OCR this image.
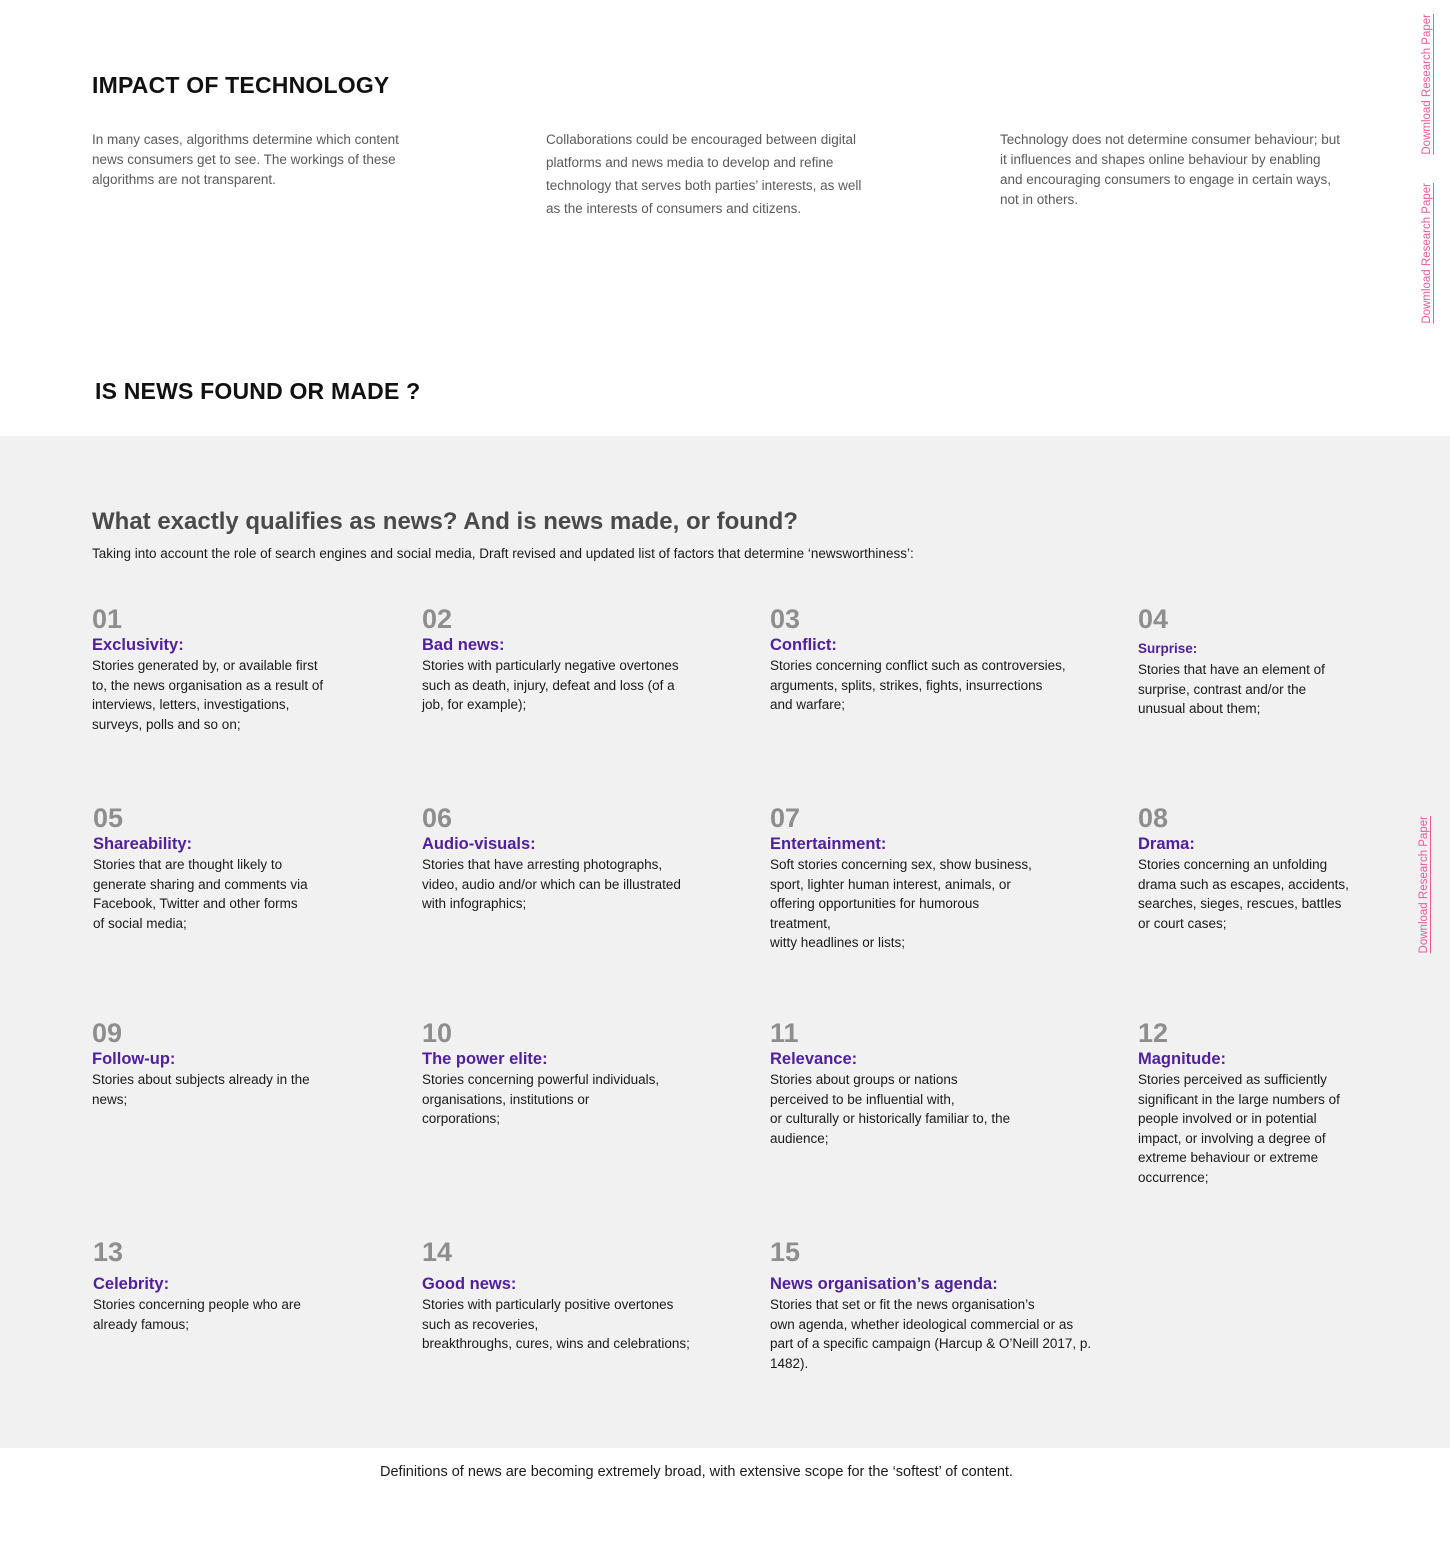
IMPACT OF TECHNOLOGY
In many cases, algorithms determine which content news consumers get to see. The workings of these algorithms are not transparent.
Collaborations could be encouraged between digital platforms and news media to develop and refine technology that serves both parties’ interests, as well as the interests of consumers and citizens.
Technology does not determine consumer behaviour; but it influences and shapes online behaviour by enabling and encouraging consumers to engage in certain ways, not in others.
Dowmload Research Paper
Dowmload Research Paper
IS NEWS FOUND OR MADE ?
Download Research Paper
What exactly qualifies as news? And is news made, or found?
Taking into account the role of search engines and social media, Draft revised and updated list of factors that determine ‘newsworthiness’:
01
Exclusivity:
Stories generated by, or available first
to, the news organisation as a result of
interviews, letters, investigations,
surveys, polls and so on;
02
Bad news:
Stories with particularly negative overtones
such as death, injury, defeat and loss (of a
job, for example);
03
Conflict:
Stories concerning conflict such as controversies,
arguments, splits, strikes, fights, insurrections
and warfare;
04
Surprise:
Stories that have an element of
surprise, contrast and/or the
unusual about them;
05
Shareability:
Stories that are thought likely to
generate sharing and comments via
Facebook, Twitter and other forms
of social media;
06
Audio-visuals:
Stories that have arresting photographs,
video, audio and/or which can be illustrated
with infographics;
07
Entertainment:
Soft stories concerning sex, show business,
sport, lighter human interest, animals, or
offering opportunities for humorous
treatment,
witty headlines or lists;
08
Drama:
Stories concerning an unfolding
drama such as escapes, accidents,
searches, sieges, rescues, battles
or court cases;
09
Follow-up:
Stories about subjects already in the
news;
10
The power elite:
Stories concerning powerful individuals,
organisations, institutions or
corporations;
11
Relevance:
Stories about groups or nations
perceived to be influential with,
or culturally or historically familiar to, the
audience;
12
Magnitude:
Stories perceived as sufficiently
significant in the large numbers of
people involved or in potential
impact, or involving a degree of
extreme behaviour or extreme
occurrence;
13
Celebrity:
Stories concerning people who are
already famous;
14
Good news:
Stories with particularly positive overtones
such as recoveries,
breakthroughs, cures, wins and celebrations;
15
News organisation’s agenda:
Stories that set or fit the news organisation’s
own agenda, whether ideological commercial or as
part of a specific campaign (Harcup & O’Neill 2017, p.
1482).
Definitions of news are becoming extremely broad, with extensive scope for the ‘softest’ of content.
